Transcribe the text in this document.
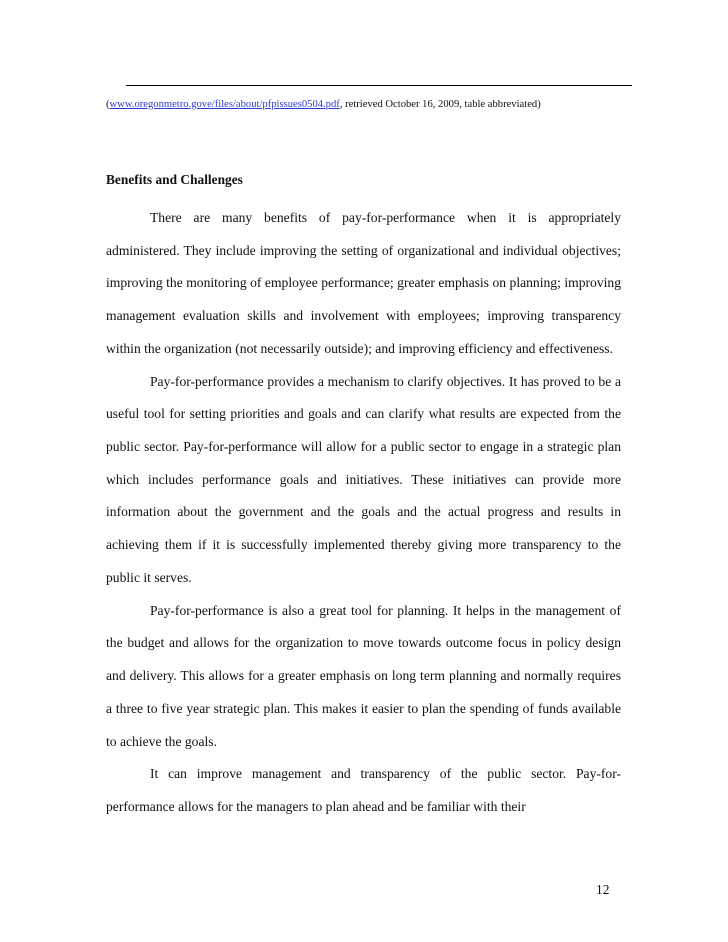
(www.oregonmetro.gove/files/about/pfpissues0504.pdf, retrieved October 16, 2009, table abbreviated)
Benefits and Challenges

There are many benefits of pay-for-performance when it is appropriately administered. They include improving the setting of organizational and individual objectives; improving the monitoring of employee performance; greater emphasis on planning; improving management evaluation skills and involvement with employees; improving transparency within the organization (not necessarily outside); and improving efficiency and effectiveness.

Pay-for-performance provides a mechanism to clarify objectives. It has proved to be a useful tool for setting priorities and goals and can clarify what results are expected from the public sector. Pay-for-performance will allow for a public sector to engage in a strategic plan which includes performance goals and initiatives. These initiatives can provide more information about the government and the goals and the actual progress and results in achieving them if it is successfully implemented thereby giving more transparency to the public it serves.

Pay-for-performance is also a great tool for planning. It helps in the management of the budget and allows for the organization to move towards outcome focus in policy design and delivery. This allows for a greater emphasis on long term planning and normally requires a three to five year strategic plan. This makes it easier to plan the spending of funds available to achieve the goals.

It can improve management and transparency of the public sector. Pay-for-performance allows for the managers to plan ahead and be familiar with their

12
